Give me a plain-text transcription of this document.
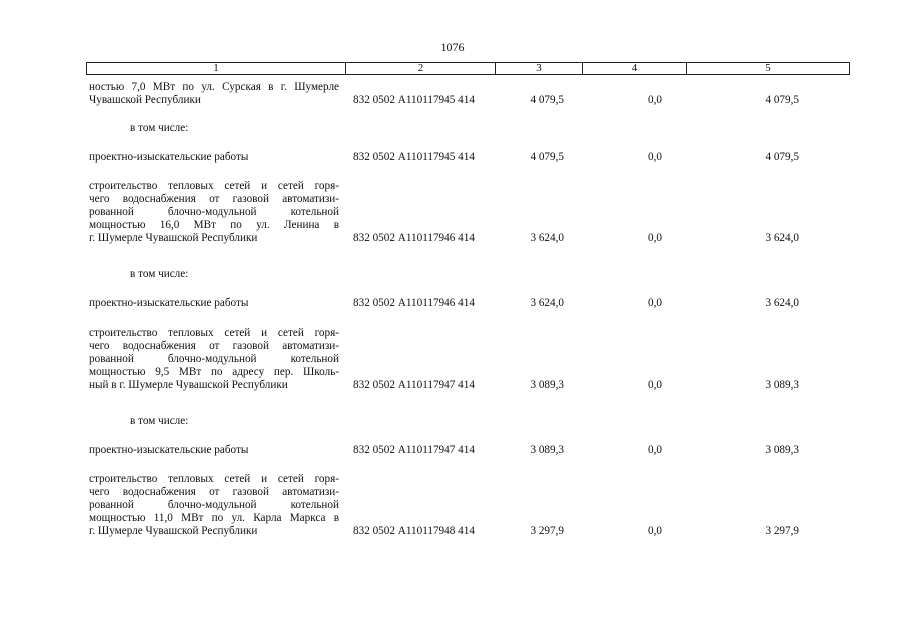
1076
1	2	3	4	5
ностью 7,0 МВт по ул. Сурская в г. Шумерле
Чувашской Республики	832 0502 А110117945 414	4 079,5	0,0	4 079,5
в том числе:
проектно-изыскательские работы	832 0502 А110117945 414	4 079,5	0,0	4 079,5
строительство тепловых сетей и сетей горя-
чего водоснабжения от газовой автоматизи-
рованной блочно-модульной котельной
мощностью 16,0 МВт по ул. Ленина в
г. Шумерле Чувашской Республики	832 0502 А110117946 414	3 624,0	0,0	3 624,0
в том числе:
проектно-изыскательские работы	832 0502 А110117946 414	3 624,0	0,0	3 624,0
строительство тепловых сетей и сетей горя-
чего водоснабжения от газовой автоматизи-
рованной блочно-модульной котельной
мощностью 9,5 МВт по адресу пер. Школь-
ный в г. Шумерле Чувашской Республики	832 0502 А110117947 414	3 089,3	0,0	3 089,3
в том числе:
проектно-изыскательские работы	832 0502 А110117947 414	3 089,3	0,0	3 089,3
строительство тепловых сетей и сетей горя-
чего водоснабжения от газовой автоматизи-
рованной блочно-модульной котельной
мощностью 11,0 МВт по ул. Карла Маркса в
г. Шумерле Чувашской Республики	832 0502 А110117948 414	3 297,9	0,0	3 297,9
